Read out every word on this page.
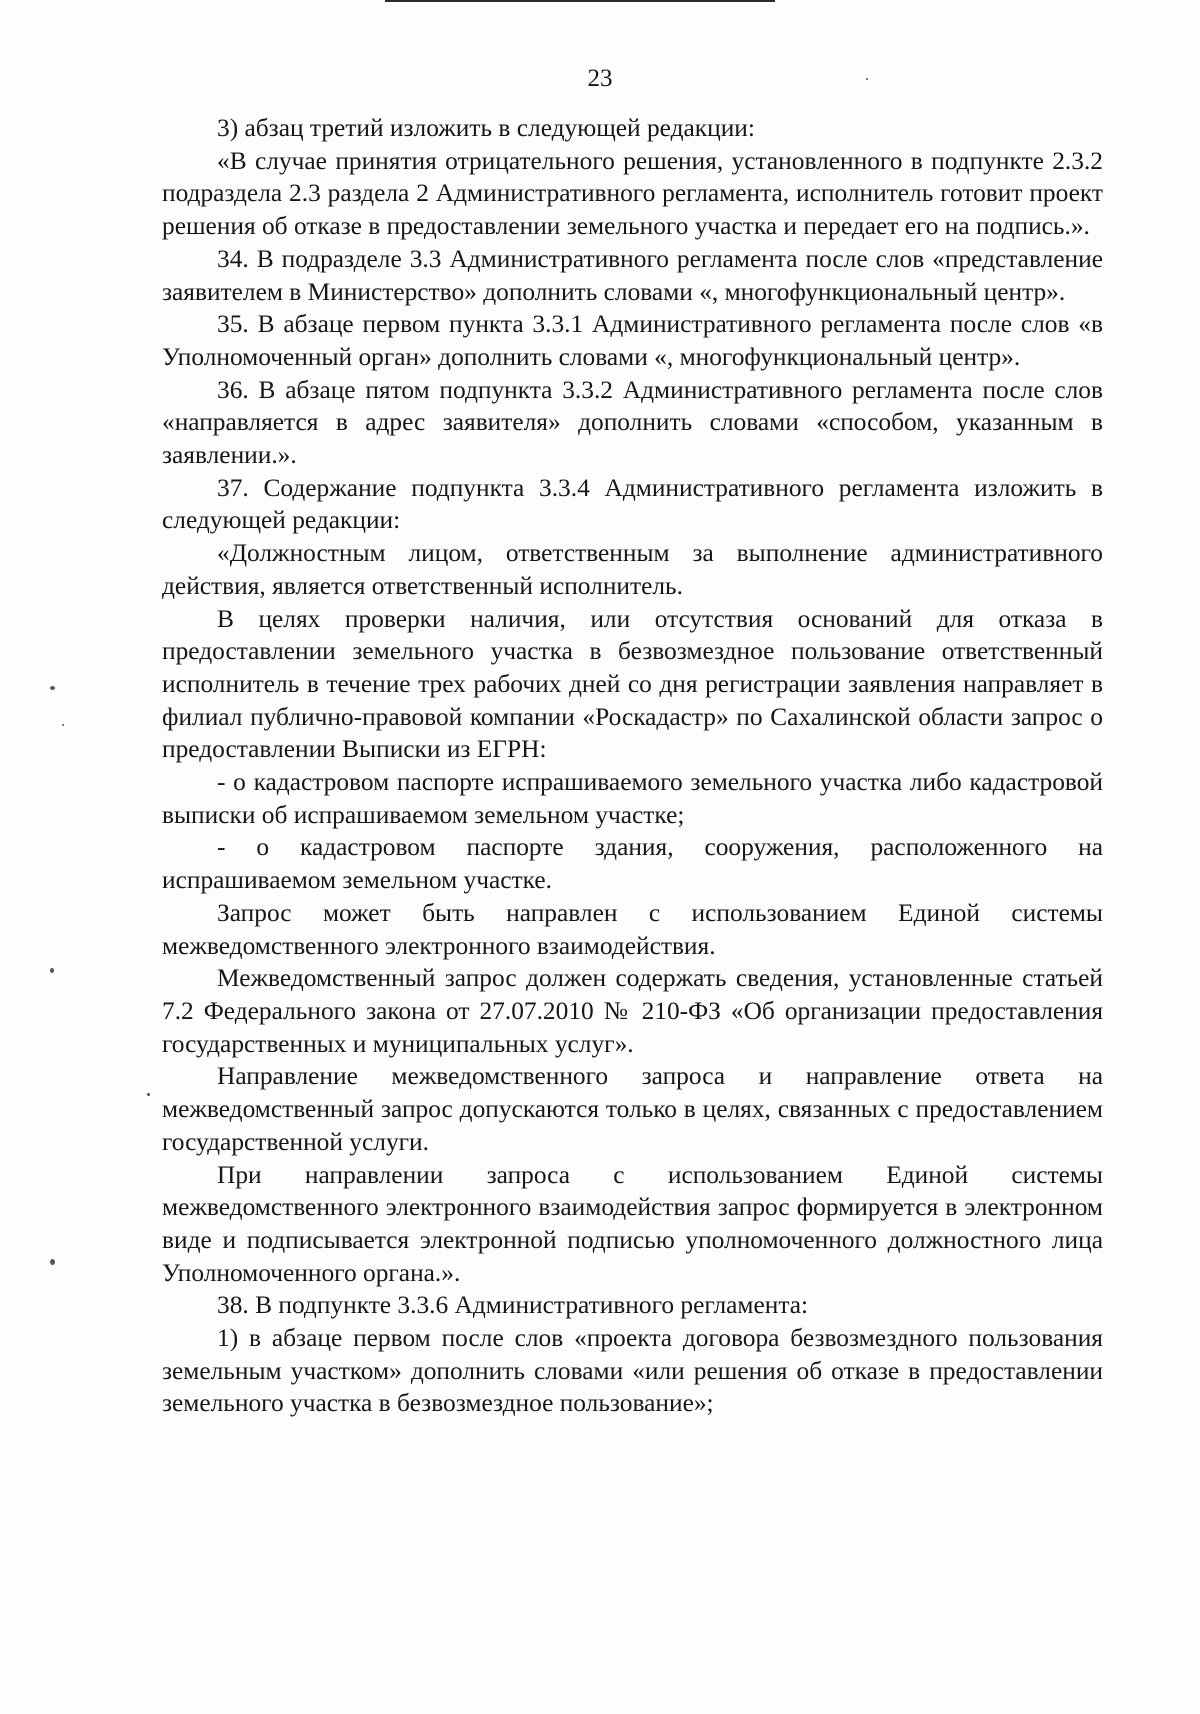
23

3) абзац третий изложить в следующей редакции:

«В случае принятия отрицательного решения, установленного в подпункте 2.3.2 подраздела 2.3 раздела 2 Административного регламента, исполнитель готовит проект решения об отказе в предоставлении земельного участка и передает его на подпись.».

34. В подразделе 3.3 Административного регламента после слов «представление заявителем в Министерство» дополнить словами «, многофункциональный центр».

35. В абзаце первом пункта 3.3.1 Административного регламента после слов «в Уполномоченный орган» дополнить словами «, многофункциональный центр».

36. В абзаце пятом подпункта 3.3.2 Административного регламента после слов «направляется в адрес заявителя» дополнить словами «способом, указанным в заявлении.».

37. Содержание подпункта 3.3.4 Административного регламента изложить в следующей редакции:

«Должностным лицом, ответственным за выполнение административного действия, является ответственный исполнитель.

В целях проверки наличия, или отсутствия оснований для отказа в предоставлении земельного участка в безвозмездное пользование ответственный исполнитель в течение трех рабочих дней со дня регистрации заявления направляет в филиал публично-правовой компании «Роскадастр» по Сахалинской области запрос о предоставлении Выписки из ЕГРН:

- о кадастровом паспорте испрашиваемого земельного участка либо кадастровой выписки об испрашиваемом земельном участке;

- о кадастровом паспорте здания, сооружения, расположенного на испрашиваемом земельном участке.

Запрос может быть направлен с использованием Единой системы межведомственного электронного взаимодействия.

Межведомственный запрос должен содержать сведения, установленные статьей 7.2 Федерального закона от 27.07.2010 № 210-ФЗ «Об организации предоставления государственных и муниципальных услуг».

Направление межведомственного запроса и направление ответа на межведомственный запрос допускаются только в целях, связанных с предоставлением государственной услуги.

При направлении запроса с использованием Единой системы межведомственного электронного взаимодействия запрос формируется в электронном виде и подписывается электронной подписью уполномоченного должностного лица Уполномоченного органа.».

38. В подпункте 3.3.6 Административного регламента:

1) в абзаце первом после слов «проекта договора безвозмездного пользования земельным участком» дополнить словами «или решения об отказе в предоставлении земельного участка в безвозмездное пользование»;
